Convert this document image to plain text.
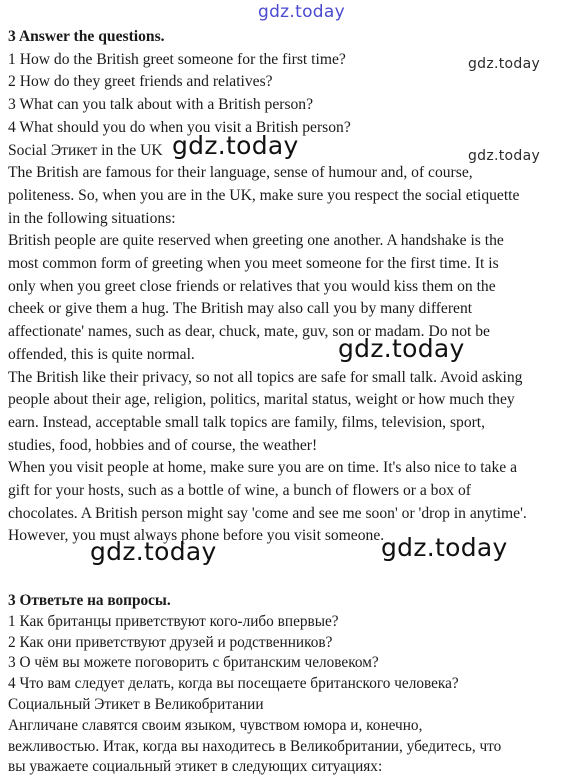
3 Answer the questions.
1 How do the British greet someone for the first time?
2 How do they greet friends and relatives?
3 What can you talk about with a British person?
4 What should you do when you visit a British person?
Social Этикет in the UK
The British are famous for their language, sense of humour and, of course,
politeness. So, when you are in the UK, make sure you respect the social etiquette
in the following situations:
British people are quite reserved when greeting one another. A handshake is the
most common form of greeting when you meet someone for the first time. It is
only when you greet close friends or relatives that you would kiss them on the
cheek or give them a hug. The British may also call you by many different
affectionate' names, such as dear, chuck, mate, guv, son or madam. Do not be
offended, this is quite normal.
The British like their privacy, so not all topics are safe for small talk. Avoid asking
people about their age, religion, politics, marital status, weight or how much they
earn. Instead, acceptable small talk topics are family, films, television, sport,
studies, food, hobbies and of course, the weather!
When you visit people at home, make sure you are on time. It's also nice to take a
gift for your hosts, such as a bottle of wine, a bunch of flowers or a box of
chocolates. A British person might say 'come and see me soon' or 'drop in anytime'.
However, you must always phone before you visit someone.
3 Ответьте на вопросы.
1 Как британцы приветствуют кого-либо впервые?
2 Как они приветствуют друзей и родственников?
3 О чём вы можете поговорить с британским человеком?
4 Что вам следует делать, когда вы посещаете британского человека?
Социальный Этикет в Великобритании
Англичане славятся своим языком, чувством юмора и, конечно,
вежливостью. Итак, когда вы находитесь в Великобритании, убедитесь, что
вы уважаете социальный этикет в следующих ситуациях:
gdz.today
gdz.today
gdz.today
gdz.today
gdz.today
gdz.today	gdz.today
